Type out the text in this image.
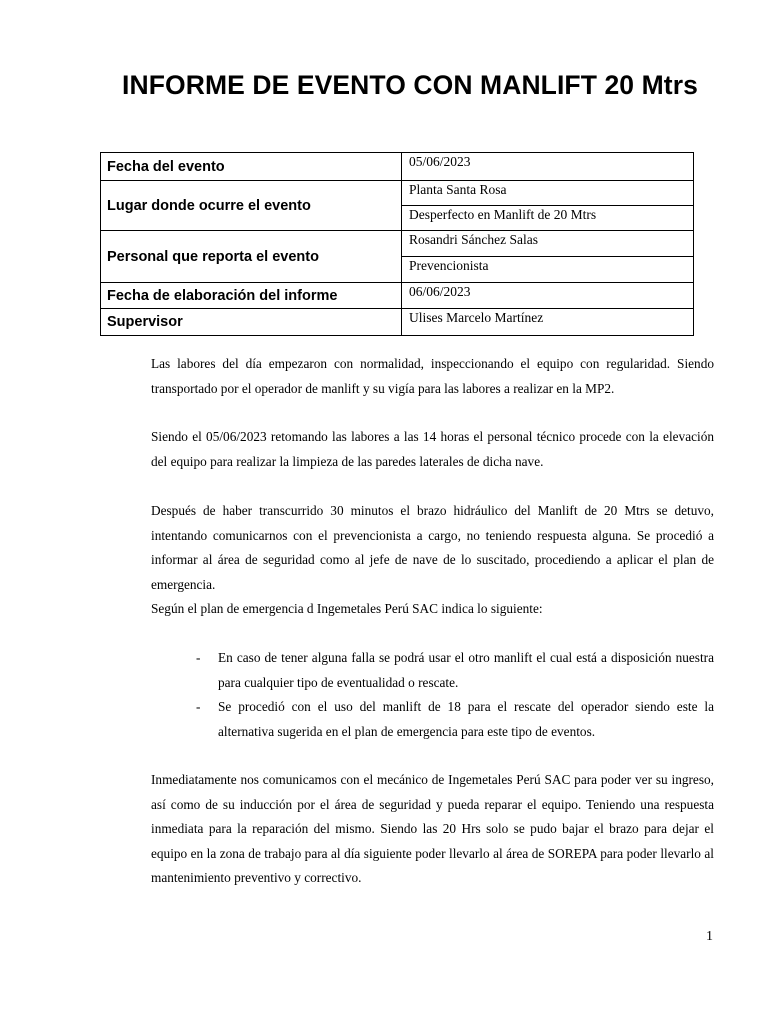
INFORME DE EVENTO CON MANLIFT 20 Mtrs
Fecha del evento	05/06/2023
Lugar donde ocurre el evento	Planta Santa Rosa
	Desperfecto en Manlift de 20 Mtrs
Personal que reporta el evento	Rosandri Sánchez Salas
	Prevencionista
Fecha de elaboración del informe	06/06/2023
Supervisor	Ulises Marcelo Martínez

Las labores del día empezaron con normalidad, inspeccionando el equipo con regularidad. Siendo transportado por el operador de manlift y su vigía para las labores a realizar en la MP2.

Siendo el 05/06/2023 retomando las labores a las 14 horas el personal técnico procede con la elevación del equipo para realizar la limpieza de las paredes laterales de dicha nave.

Después de haber transcurrido 30 minutos el brazo hidráulico del Manlift de 20 Mtrs se detuvo, intentando comunicarnos con el prevencionista a cargo, no teniendo respuesta alguna. Se procedió a informar al área de seguridad como al jefe de nave de lo suscitado, procediendo a aplicar el plan de emergencia.

Según el plan de emergencia d Ingemetales Perú SAC indica lo siguiente:

- En caso de tener alguna falla se podrá usar el otro manlift el cual está a disposición nuestra para cualquier tipo de eventualidad o rescate.
- Se procedió con el uso del manlift de 18 para el rescate del operador siendo este la alternativa sugerida en el plan de emergencia para este tipo de eventos.

Inmediatamente nos comunicamos con el mecánico de Ingemetales Perú SAC para poder ver su ingreso, así como de su inducción por el área de seguridad y pueda reparar el equipo. Teniendo una respuesta inmediata para la reparación del mismo. Siendo las 20 Hrs solo se pudo bajar el brazo para dejar el equipo en la zona de trabajo para al día siguiente poder llevarlo al área de SOREPA para poder llevarlo al mantenimiento preventivo y correctivo.

1
